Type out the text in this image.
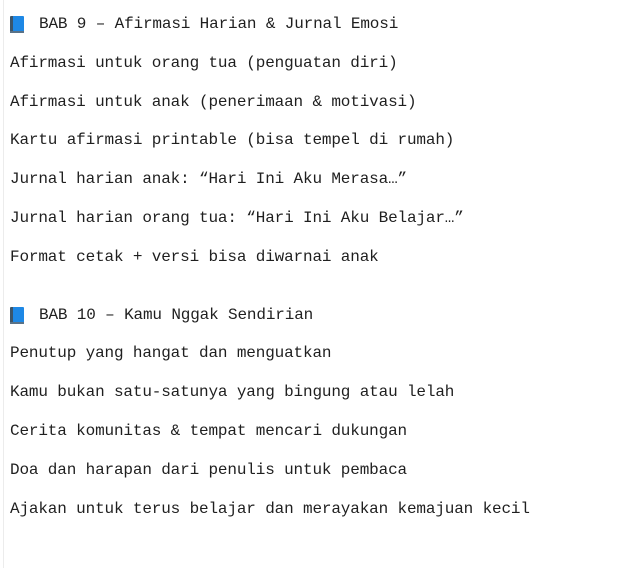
BAB 9 – Afirmasi Harian & Jurnal Emosi
Afirmasi untuk orang tua (penguatan diri)
Afirmasi untuk anak (penerimaan & motivasi)
Kartu afirmasi printable (bisa tempel di rumah)
Jurnal harian anak: “Hari Ini Aku Merasa…”
Jurnal harian orang tua: “Hari Ini Aku Belajar…”
Format cetak + versi bisa diwarnai anak
BAB 10 – Kamu Nggak Sendirian
Penutup yang hangat dan menguatkan
Kamu bukan satu-satunya yang bingung atau lelah
Cerita komunitas & tempat mencari dukungan
Doa dan harapan dari penulis untuk pembaca
Ajakan untuk terus belajar dan merayakan kemajuan kecil
